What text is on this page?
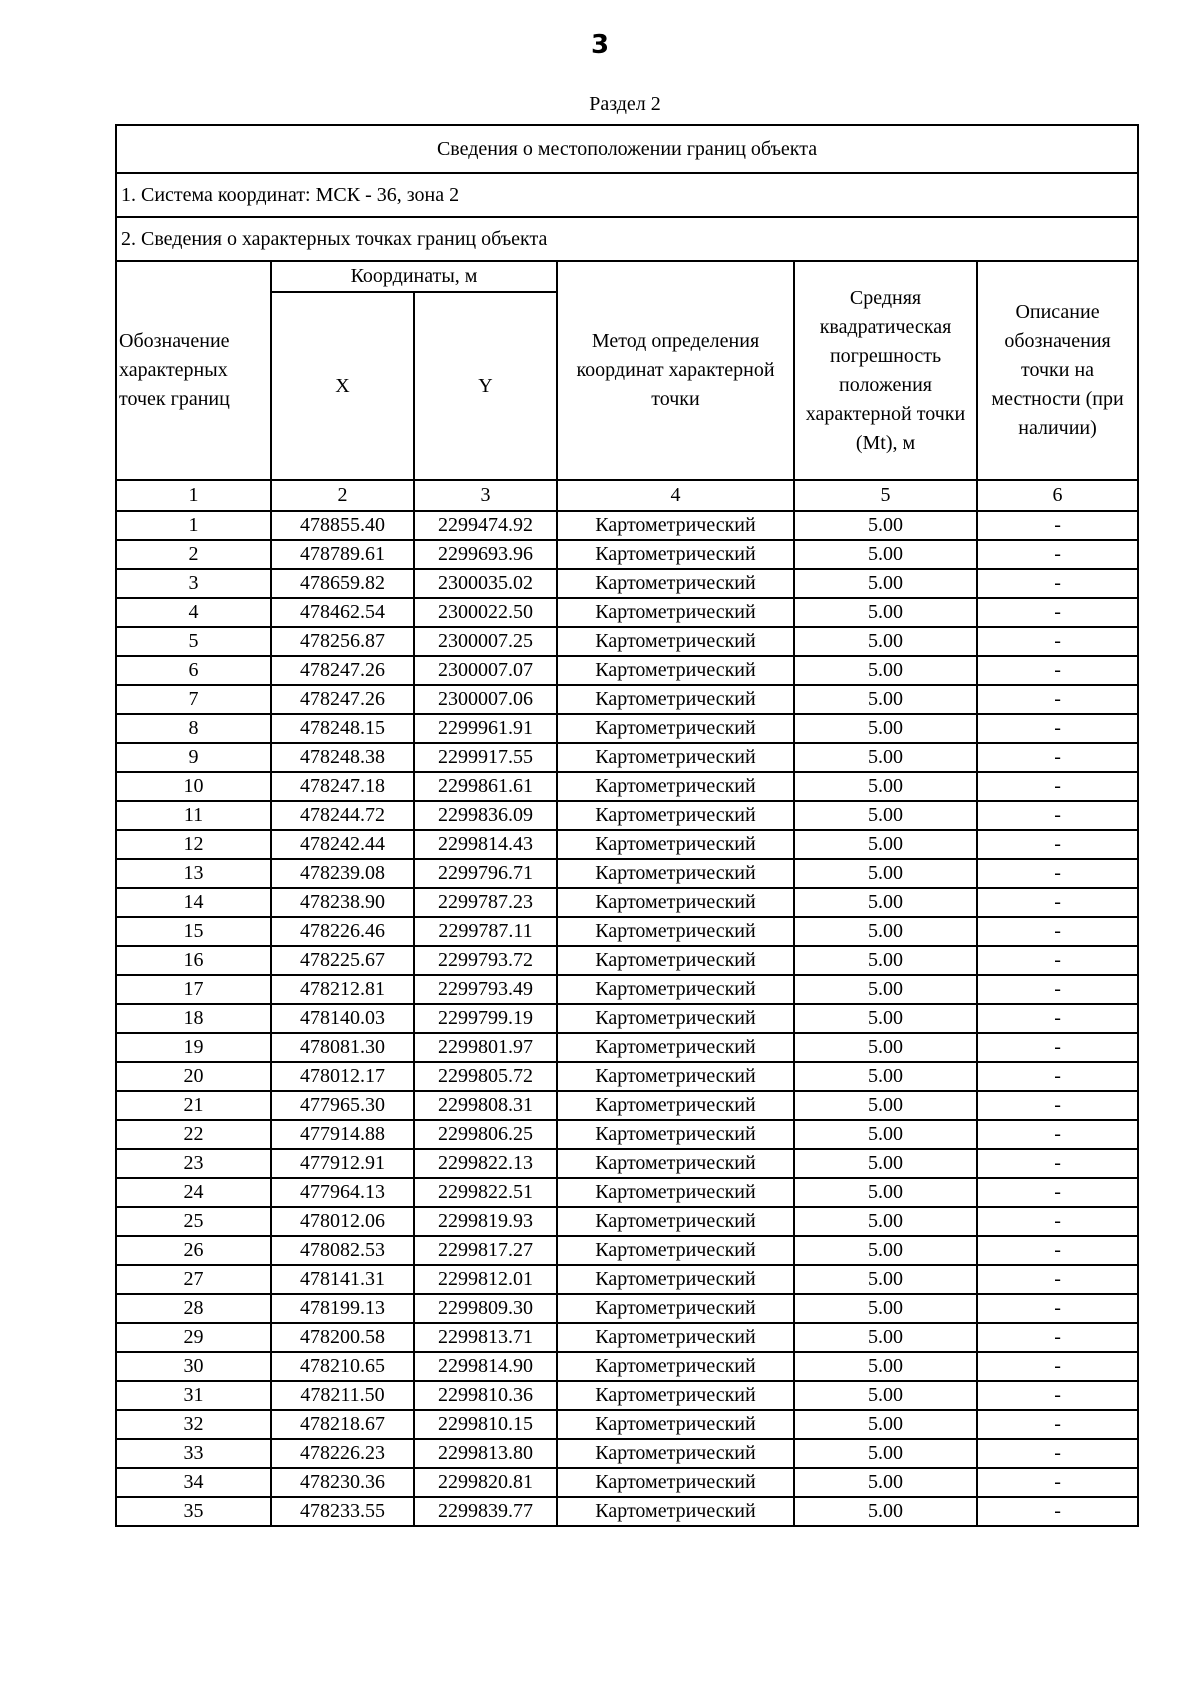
3
Раздел 2
Сведения о местоположении границ объекта					
1. Система координат: МСК - 36, зона 2					
2. Сведения о характерных точках границ объекта					
Обозначение характерных точек границ	Координаты, м		Метод определения координат характерной точки	Средняя квадратическая погрешность положения характерной точки (Mt), м	Описание обозначения точки на местности (при наличии)
	X	Y			
1	2	3	4	5	6
1	478855.40	2299474.92	Картометрический	5.00	-
2	478789.61	2299693.96	Картометрический	5.00	-
3	478659.82	2300035.02	Картометрический	5.00	-
4	478462.54	2300022.50	Картометрический	5.00	-
5	478256.87	2300007.25	Картометрический	5.00	-
6	478247.26	2300007.07	Картометрический	5.00	-
7	478247.26	2300007.06	Картометрический	5.00	-
8	478248.15	2299961.91	Картометрический	5.00	-
9	478248.38	2299917.55	Картометрический	5.00	-
10	478247.18	2299861.61	Картометрический	5.00	-
11	478244.72	2299836.09	Картометрический	5.00	-
12	478242.44	2299814.43	Картометрический	5.00	-
13	478239.08	2299796.71	Картометрический	5.00	-
14	478238.90	2299787.23	Картометрический	5.00	-
15	478226.46	2299787.11	Картометрический	5.00	-
16	478225.67	2299793.72	Картометрический	5.00	-
17	478212.81	2299793.49	Картометрический	5.00	-
18	478140.03	2299799.19	Картометрический	5.00	-
19	478081.30	2299801.97	Картометрический	5.00	-
20	478012.17	2299805.72	Картометрический	5.00	-
21	477965.30	2299808.31	Картометрический	5.00	-
22	477914.88	2299806.25	Картометрический	5.00	-
23	477912.91	2299822.13	Картометрический	5.00	-
24	477964.13	2299822.51	Картометрический	5.00	-
25	478012.06	2299819.93	Картометрический	5.00	-
26	478082.53	2299817.27	Картометрический	5.00	-
27	478141.31	2299812.01	Картометрический	5.00	-
28	478199.13	2299809.30	Картометрический	5.00	-
29	478200.58	2299813.71	Картометрический	5.00	-
30	478210.65	2299814.90	Картометрический	5.00	-
31	478211.50	2299810.36	Картометрический	5.00	-
32	478218.67	2299810.15	Картометрический	5.00	-
33	478226.23	2299813.80	Картометрический	5.00	-
34	478230.36	2299820.81	Картометрический	5.00	-
35	478233.55	2299839.77	Картометрический	5.00	-
